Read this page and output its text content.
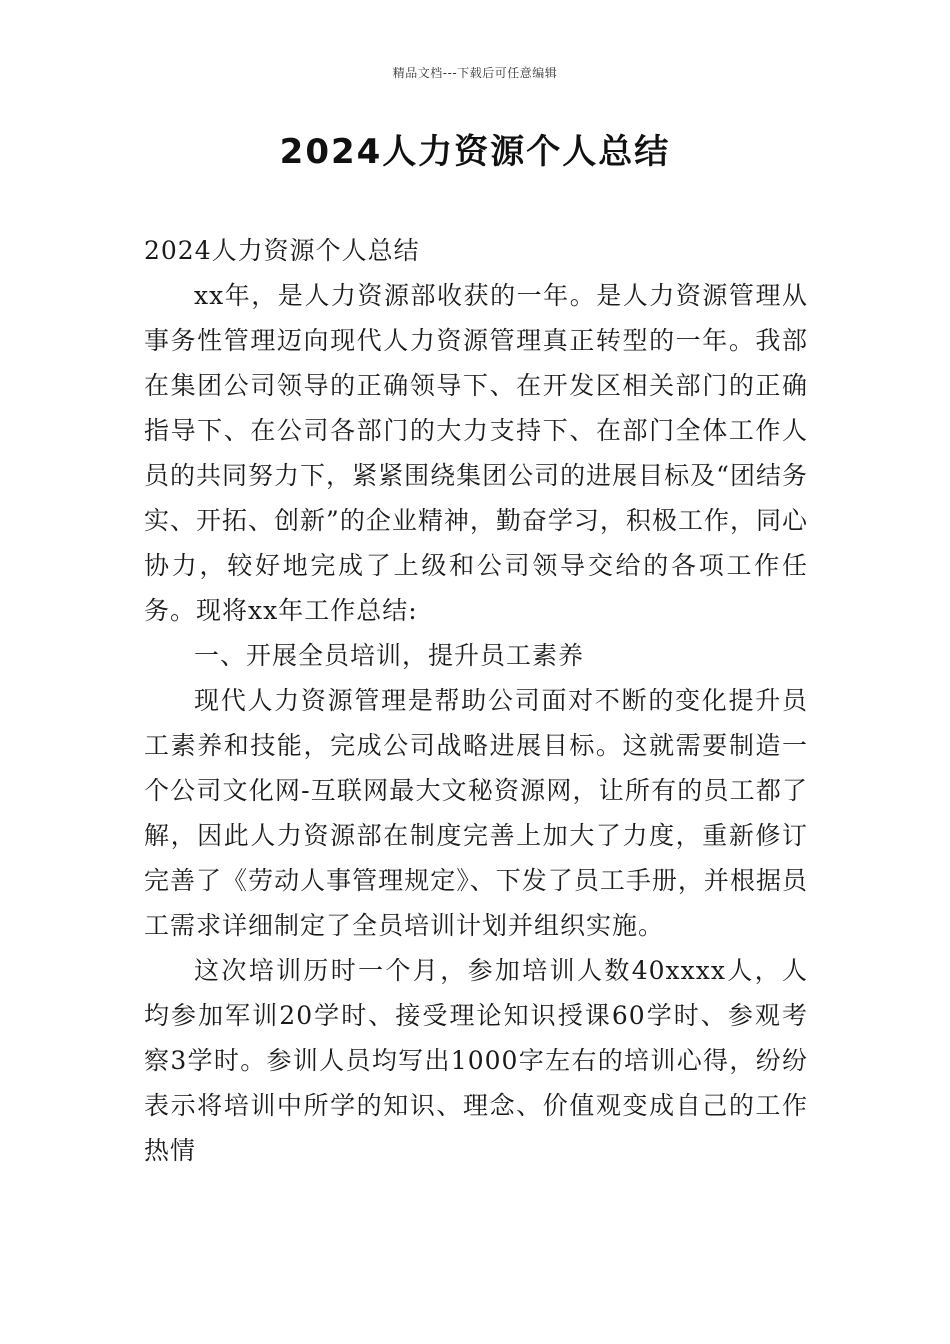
精品文档---下载后可任意编辑
2024人力资源个人总结

2024人力资源个人总结

xx年，是人力资源部收获的一年。是人力资源管理从事务性管理迈向现代人力资源管理真正转型的一年。我部在集团公司领导的正确领导下、在开发区相关部门的正确指导下、在公司各部门的大力支持下、在部门全体工作人员的共同努力下，紧紧围绕集团公司的进展目标及“团结务实、开拓、创新”的企业精神，勤奋学习，积极工作，同心协力，较好地完成了上级和公司领导交给的各项工作任务。现将xx年工作总结:

一、开展全员培训，提升员工素养

现代人力资源管理是帮助公司面对不断的变化提升员工素养和技能，完成公司战略进展目标。这就需要制造一个公司文化网-互联网最大文秘资源网，让所有的员工都了解，因此人力资源部在制度完善上加大了力度，重新修订完善了《劳动人事管理规定》、下发了员工手册，并根据员工需求详细制定了全员培训计划并组织实施。

这次培训历时一个月，参加培训人数40xxxx人，人均参加军训20学时、接受理论知识授课60学时、参观考察3学时。参训人员均写出1000字左右的培训心得，纷纷表示将培训中所学的知识、理念、价值观变成自己的工作热情
